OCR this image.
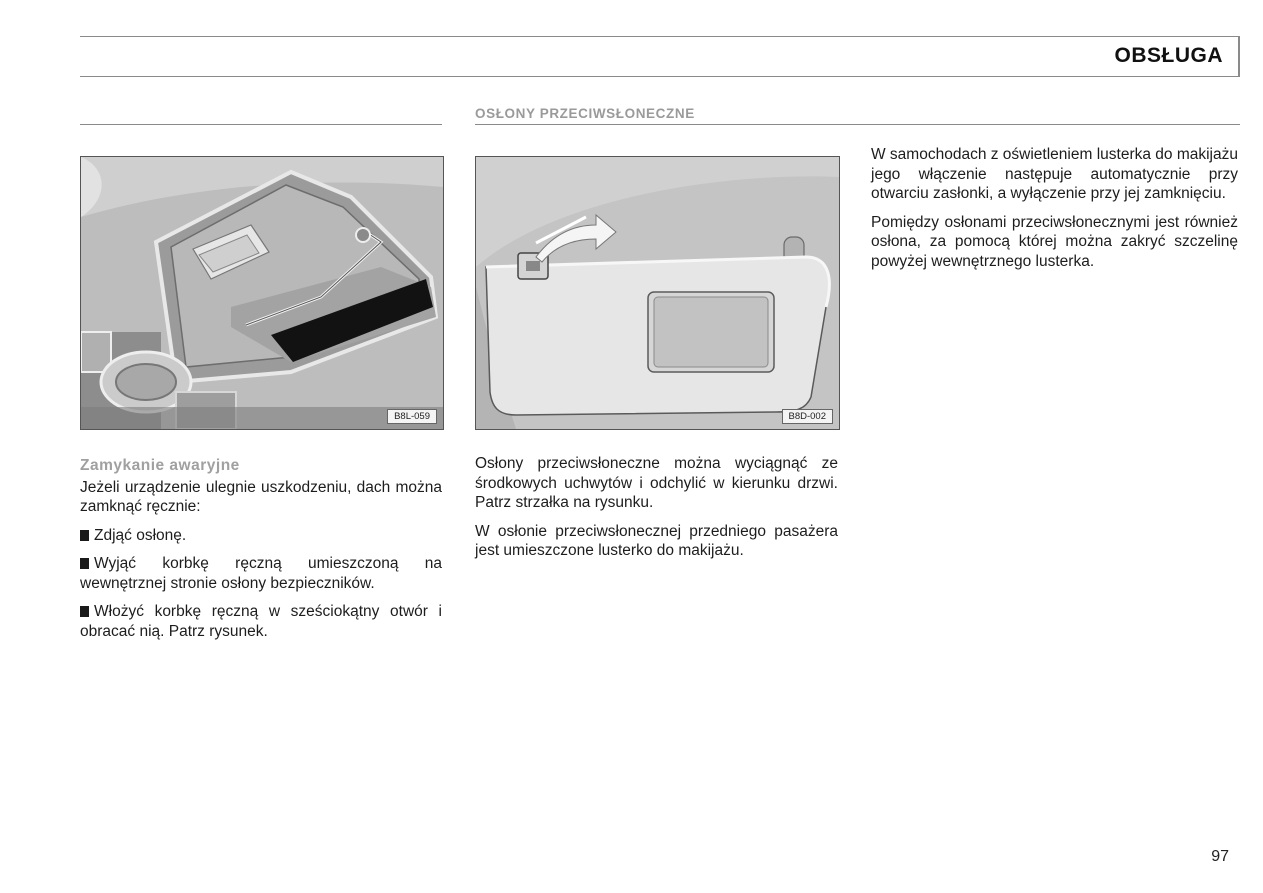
OBSŁUGA
OSŁONY PRZECIWSŁONECZNE
B8L-059	B8D-002
Zamykanie awaryjne

Jeżeli urządzenie ulegnie uszkodzeniu, dach można zamknąć ręcznie:

Zdjąć osłonę.

Wyjąć korbkę ręczną umieszczoną na wewnętrznej stronie osłony bezpieczników.

Włożyć korbkę ręczną w sześciokątny otwór i obracać nią. Patrz rysunek.

Osłony przeciwsłoneczne można wyciągnąć ze środkowych uchwytów i odchylić w kierunku drzwi. Patrz strzałka na rysunku.

W osłonie przeciwsłonecznej przedniego pasażera jest umieszczone lusterko do makijażu.

W samochodach z oświetleniem lusterka do makijażu jego włączenie następuje automatycznie przy otwarciu zasłonki, a wyłączenie przy jej zamknięciu.

Pomiędzy osłonami przeciwsłonecznymi jest również osłona, za pomocą której można zakryć szczelinę powyżej wewnętrznego lusterka.

97
